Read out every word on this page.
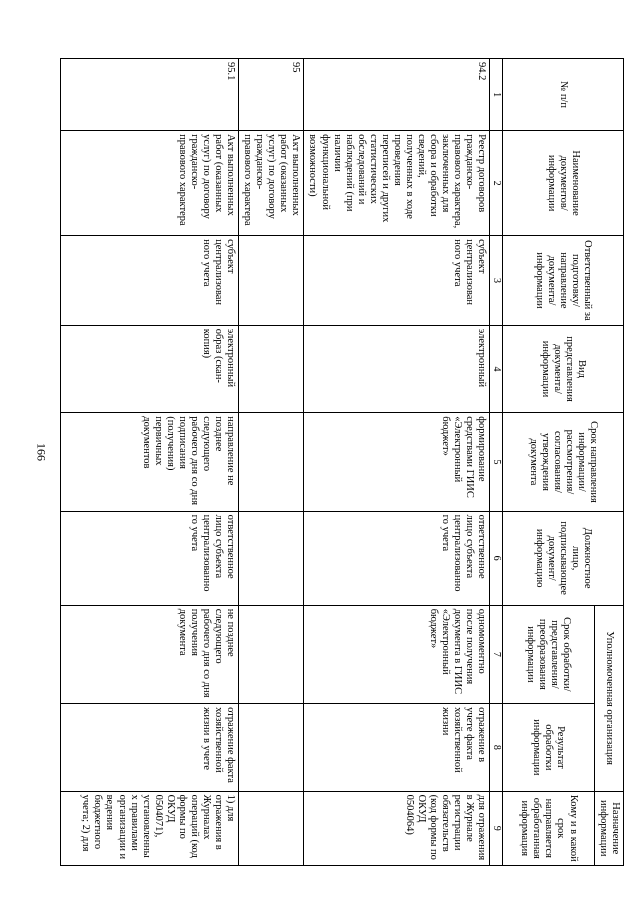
166
№ п/п	Наименование документов/ информации	Ответственный за подготовку/ направление документа/ информации	Вид представления документа/ информации	Срок направления информации/ рассмотрения/ согласования/ утверждения документа	Должностное лицо, подписывающее документ/ информацию	Уполномоченная организация		Назначение информации
						Срок обработки/ представления/ преобразования информации	Результат обработки информации	Кому и в какой срок направляется обработанная информация
1	2	3	4	5	6	7	8	9
94.2	Реестр договоров гражданско-правового характера, заключенных для сбора и обработки сведений, полученных в ходе проведения переписей и других статистических обследований и наблюдений (при наличии функциональной возможности)	субъект централизован ного учета	электронный	формирование средствами ГИИС «Электронный бюджет»	ответственное лицо субъекта централизованно го учета	одномоментно после получения документа в ГИИС «Электронный бюджет»	отражение в учете факта хозяйственной жизни	для отражения в Журнале регистрации обязательств (код формы по ОКУД 0504064)
95	Акт выполненных работ (оказанных услуг) по договору гражданско-правового характера							
95.1	Акт выполненных работ (оказанных услуг) по договору гражданско-правового характера	субъект централизован ного учета	электронный образ (скан-копия)	направление не позднее следующего рабочего дня со дня подписания (получения) первичных документов	ответственное лицо субъекта централизованно го учета	не позднее следующего рабочего дня со дня получения документа	отражение факта хозяйственной жизни в учете	1) для отражения в Журналах операций (код формы по ОКУД 0504071), установленных правилами организации и ведения бюджетного учета; 2) для
